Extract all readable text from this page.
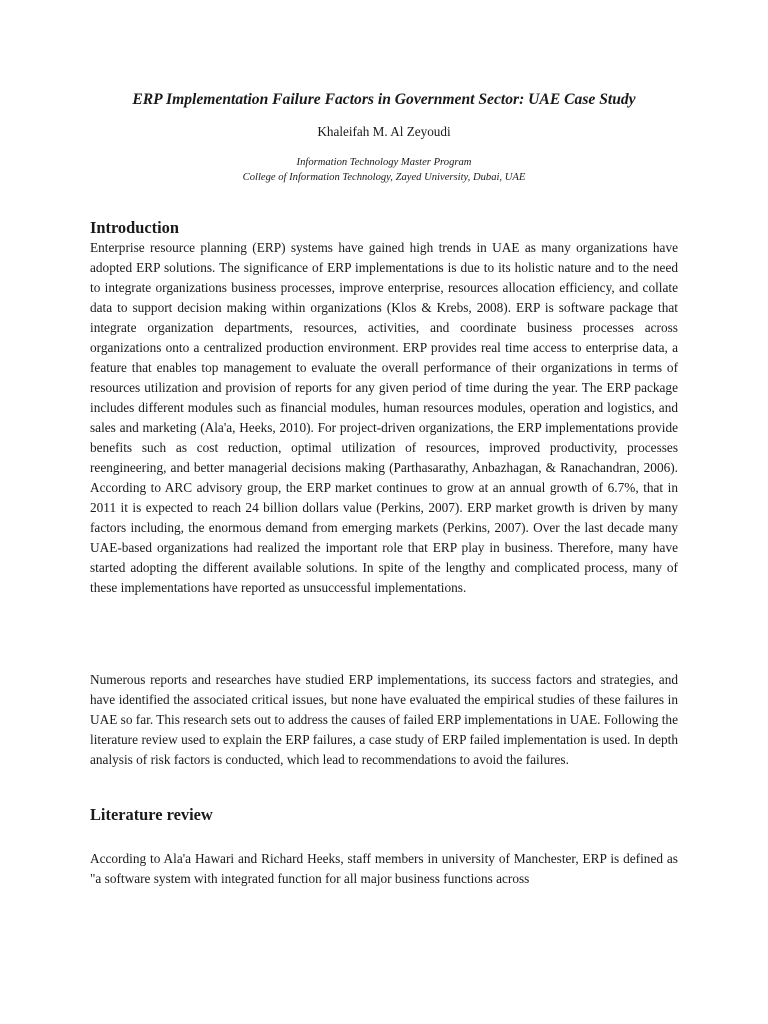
ERP Implementation Failure Factors in Government Sector: UAE Case Study
Khaleifah M. Al Zeyoudi
Information Technology Master Program
College of Information Technology, Zayed University, Dubai, UAE
Introduction

Enterprise resource planning (ERP) systems have gained high trends in UAE as many organizations have adopted ERP solutions. The significance of ERP implementations is due to its holistic nature and to the need to integrate organizations business processes, improve enterprise, resources allocation efficiency, and collate data to support decision making within organizations (Klos & Krebs, 2008). ERP is software package that integrate organization departments, resources, activities, and coordinate business processes across organizations onto a centralized production environment. ERP provides real time access to enterprise data, a feature that enables top management to evaluate the overall performance of their organizations in terms of resources utilization and provision of reports for any given period of time during the year. The ERP package includes different modules such as financial modules, human resources modules, operation and logistics, and sales and marketing (Ala'a, Heeks, 2010). For project-driven organizations, the ERP implementations provide benefits such as cost reduction, optimal utilization of resources, improved productivity, processes reengineering, and better managerial decisions making (Parthasarathy, Anbazhagan, & Ranachandran, 2006). According to ARC advisory group, the ERP market continues to grow at an annual growth of 6.7%, that in 2011 it is expected to reach 24 billion dollars value (Perkins, 2007). ERP market growth is driven by many factors including, the enormous demand from emerging markets (Perkins, 2007). Over the last decade many UAE-based organizations had realized the important role that ERP play in business. Therefore, many have started adopting the different available solutions. In spite of the lengthy and complicated process, many of these implementations have reported as unsuccessful implementations.

Numerous reports and researches have studied ERP implementations, its success factors and strategies, and have identified the associated critical issues, but none have evaluated the empirical studies of these failures in UAE so far. This research sets out to address the causes of failed ERP implementations in UAE. Following the literature review used to explain the ERP failures, a case study of ERP failed implementation is used. In depth analysis of risk factors is conducted, which lead to recommendations to avoid the failures.

Literature review

According to Ala'a Hawari and Richard Heeks, staff members in university of Manchester, ERP is defined as "a software system with integrated function for all major business functions across
